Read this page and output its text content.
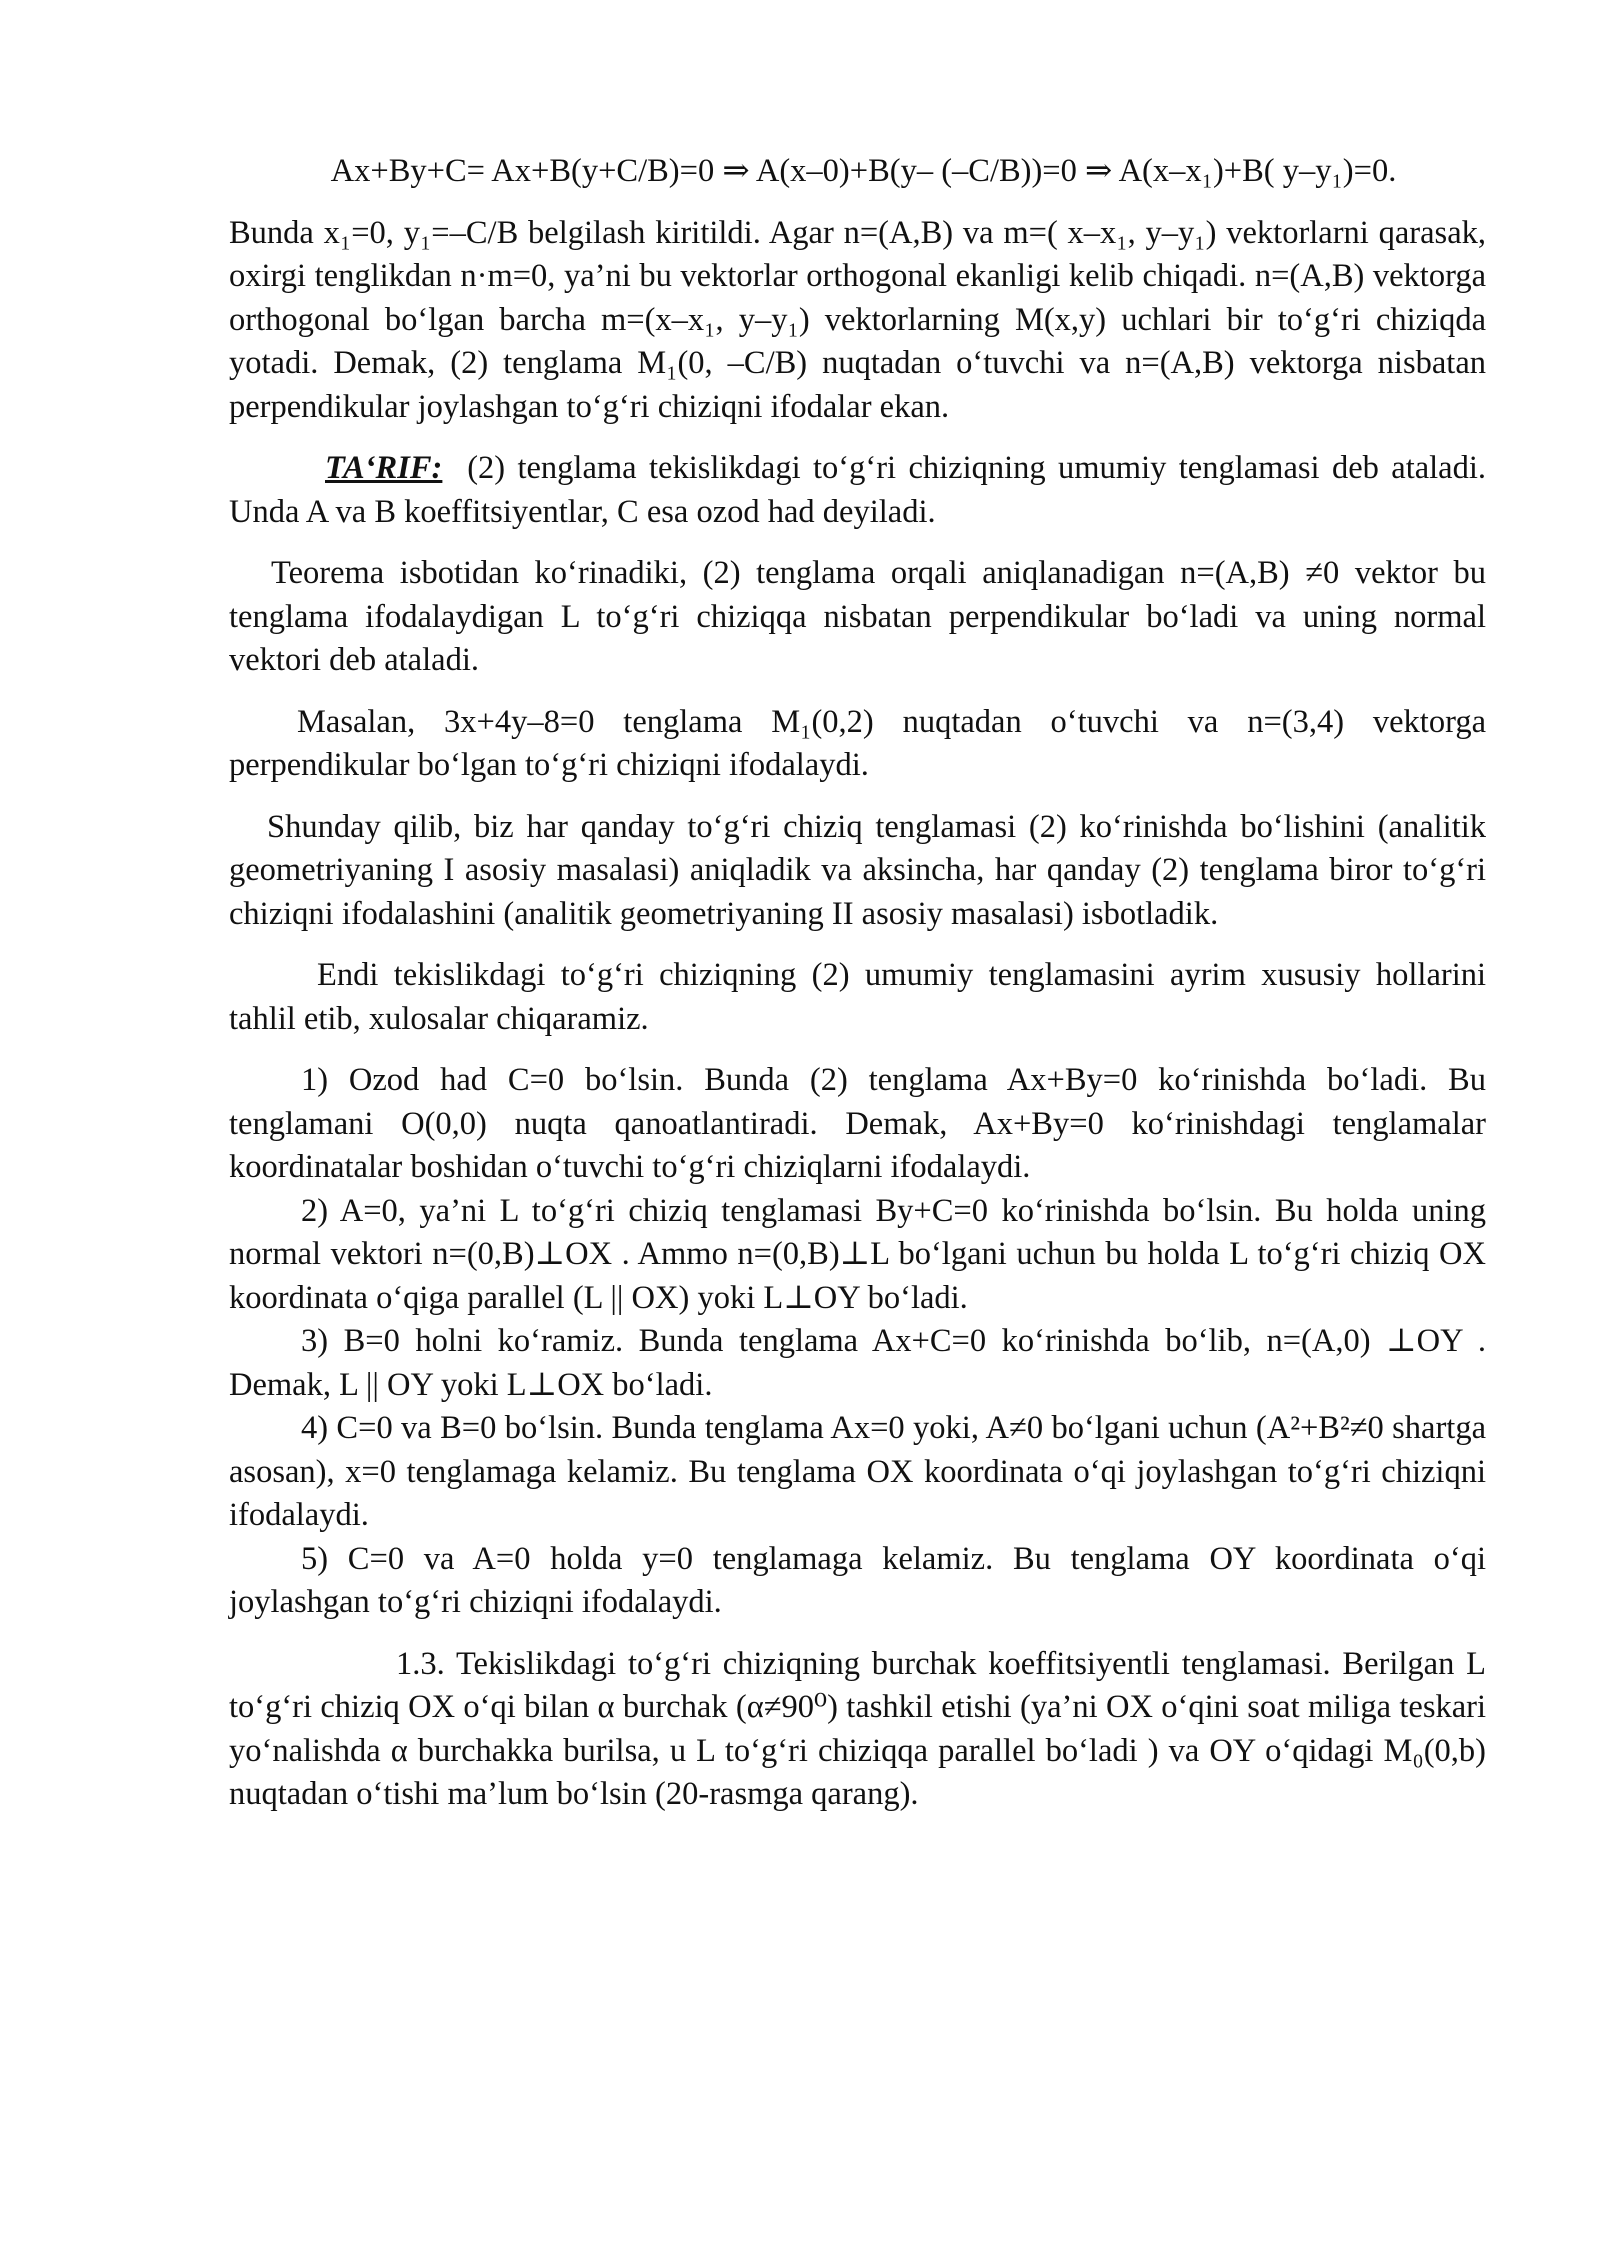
Ax+By+C= Ax+B(y+C/B)=0 ⇒ A(x–0)+B(y– (–C/B))=0 ⇒ A(x–x₁)+B( y–y₁)=0.

Bunda x₁=0, y₁=–C/B belgilash kiritildi. Agar n=(A,B) va m=( x–x₁, y–y₁) vektorlarni qarasak, oxirgi tenglikdan n·m=0, ya’ni bu vektorlar orthogonal ekanligi kelib chiqadi. n=(A,B) vektorga orthogonal bo‘lgan barcha m=(x–x₁, y–y₁) vektorlarning M(x,y) uchlari bir to‘g‘ri chiziqda yotadi. Demak, (2) tenglama M₁(0, –C/B) nuqtadan o‘tuvchi va n=(A,B) vektorga nisbatan perpendikular joylashgan to‘g‘ri chiziqni ifodalar ekan.

TA‘RIF: (2) tenglama tekislikdagi to‘g‘ri chiziqning umumiy tenglamasi deb ataladi. Unda A va B koeffitsiyentlar, C esa ozod had deyiladi.

Teorema isbotidan ko‘rinadiki, (2) tenglama orqali aniqlanadigan n=(A,B) ≠0 vektor bu tenglama ifodalaydigan L to‘g‘ri chiziqqa nisbatan perpendikular bo‘ladi va uning normal vektori deb ataladi.

Masalan, 3x+4y–8=0 tenglama M₁(0,2) nuqtadan o‘tuvchi va n=(3,4) vektorga perpendikular bo‘lgan to‘g‘ri chiziqni ifodalaydi.

Shunday qilib, biz har qanday to‘g‘ri chiziq tenglamasi (2) ko‘rinishda bo‘lishini (analitik geometriyaning I asosiy masalasi) aniqladik va aksincha, har qanday (2) tenglama biror to‘g‘ri chiziqni ifodalashini (analitik geometriyaning II asosiy masalasi) isbotladik.

Endi tekislikdagi to‘g‘ri chiziqning (2) umumiy tenglamasini ayrim xususiy hollarini tahlil etib, xulosalar chiqaramiz.

1) Ozod had C=0 bo‘lsin. Bunda (2) tenglama Ax+By=0 ko‘rinishda bo‘ladi. Bu tenglamani O(0,0) nuqta qanoatlantiradi. Demak, Ax+By=0 ko‘rinishdagi tenglamalar koordinatalar boshidan o‘tuvchi to‘g‘ri chiziqlarni ifodalaydi.

2) A=0, ya’ni L to‘g‘ri chiziq tenglamasi By+C=0 ko‘rinishda bo‘lsin. Bu holda uning normal vektori n=(0,B)⊥OX . Ammo n=(0,B)⊥L bo‘lgani uchun bu holda L to‘g‘ri chiziq OX koordinata o‘qiga parallel (L || OX) yoki L⊥OY bo‘ladi.

3) B=0 holni ko‘ramiz. Bunda tenglama Ax+C=0 ko‘rinishda bo‘lib, n=(A,0) ⊥OY . Demak, L || OY yoki L⊥OX bo‘ladi.

4) C=0 va B=0 bo‘lsin. Bunda tenglama Ax=0 yoki, A≠0 bo‘lgani uchun (A²+B²≠0 shartga asosan), x=0 tenglamaga kelamiz. Bu tenglama OX koordinata o‘qi joylashgan to‘g‘ri chiziqni ifodalaydi.

5) C=0 va A=0 holda y=0 tenglamaga kelamiz. Bu tenglama OY koordinata o‘qi joylashgan to‘g‘ri chiziqni ifodalaydi.

1.3. Tekislikdagi to‘g‘ri chiziqning burchak koeffitsiyentli tenglamasi. Berilgan L to‘g‘ri chiziq OX o‘qi bilan α burchak (α≠90⁰) tashkil etishi (ya’ni OX o‘qini soat miliga teskari yo‘nalishda α burchakka burilsa, u L to‘g‘ri chiziqqa parallel bo‘ladi ) va OY o‘qidagi M₀(0,b) nuqtadan o‘tishi ma’lum bo‘lsin (20-rasmga qarang).
